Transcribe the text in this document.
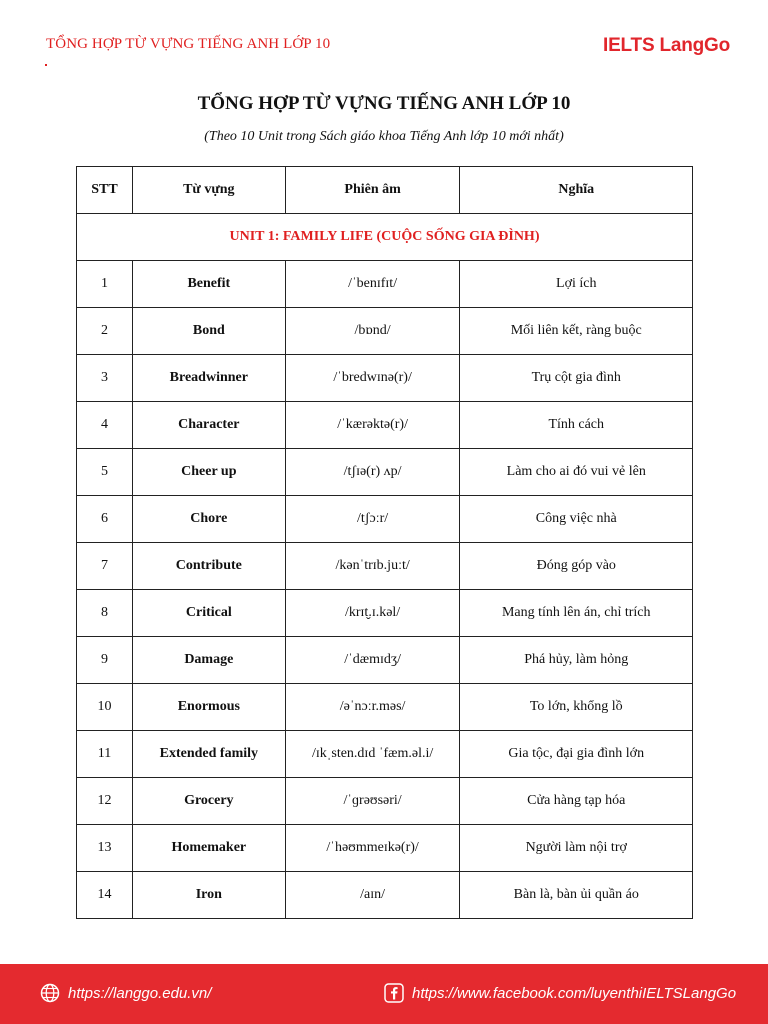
TỔNG HỢP TỪ VỰNG TIẾNG ANH LỚP 10	IELTS LangGo
TỔNG HỢP TỪ VỰNG TIẾNG ANH LỚP 10
(Theo 10 Unit trong Sách giáo khoa Tiếng Anh lớp 10 mới nhất)
STT	Từ vựng	Phiên âm	Nghĩa
UNIT 1: FAMILY LIFE (CUỘC SỐNG GIA ĐÌNH)			
1	Benefit	/ˈbenɪfɪt/	Lợi ích
2	Bond	/bɒnd/	Mối liên kết, ràng buộc
3	Breadwinner	/ˈbredwɪnə(r)/	Trụ cột gia đình
4	Character	/ˈkærəktə(r)/	Tính cách
5	Cheer up	/tʃɪə(r) ʌp/	Làm cho ai đó vui vẻ lên
6	Chore	/tʃɔːr/	Công việc nhà
7	Contribute	/kənˈtrɪb.juːt/	Đóng góp vào
8	Critical	/krɪt̬.ɪ.kəl/	Mang tính lên án, chỉ trích
9	Damage	/ˈdæmɪdʒ/	Phá hủy, làm hỏng
10	Enormous	/əˈnɔːr.məs/	To lớn, khổng lồ
11	Extended family	/ɪkˌsten.dɪd ˈfæm.əl.i/	Gia tộc, đại gia đình lớn
12	Grocery	/ˈɡrəʊsəri/	Cửa hàng tạp hóa
13	Homemaker	/ˈhəʊmmeɪkə(r)/	Người làm nội trợ
14	Iron	/aɪn/	Bàn là, bàn ủi quần áo
https://langgo.edu.vn/	https://www.facebook.com/luyenthiIELTSLangGo
